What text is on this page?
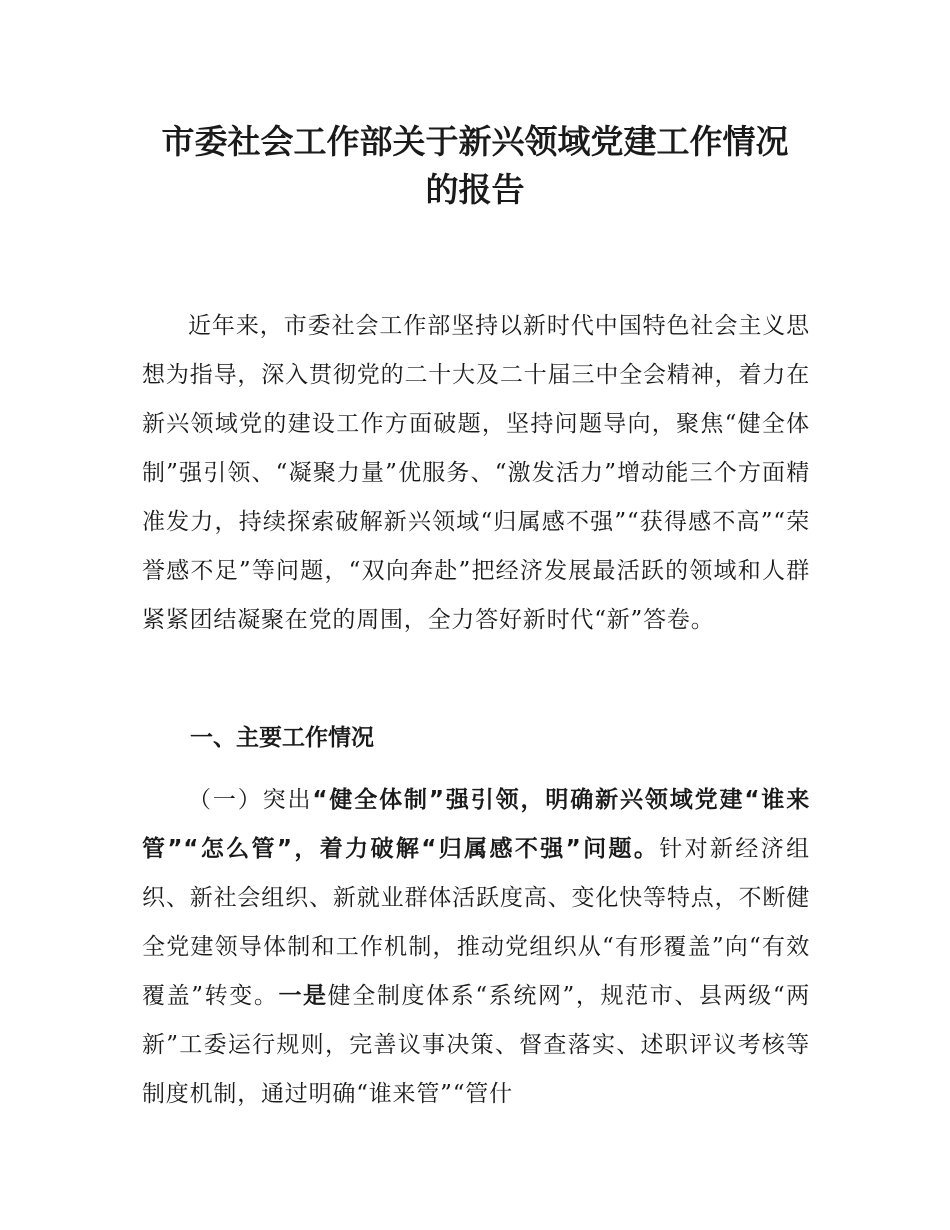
市委社会工作部关于新兴领域党建工作情况
的报告

近年来，市委社会工作部坚持以新时代中国特色社会主义思想为指导，深入贯彻党的二十大及二十届三中全会精神，着力在新兴领域党的建设工作方面破题，坚持问题导向，聚焦“健全体制”强引领、“凝聚力量”优服务、“激发活力”增动能三个方面精准发力，持续探索破解新兴领域“归属感不强”“获得感不高”“荣誉感不足”等问题，“双向奔赴”把经济发展最活跃的领域和人群紧紧团结凝聚在党的周围，全力答好新时代“新”答卷。

一、主要工作情况

（一）突出“健全体制”强引领，明确新兴领域党建“谁来管”“怎么管”，着力破解“归属感不强”问题。针对新经济组织、新社会组织、新就业群体活跃度高、变化快等特点，不断健全党建领导体制和工作机制，推动党组织从“有形覆盖”向“有效覆盖”转变。一是健全制度体系“系统网”，规范市、县两级“两新”工委运行规则，完善议事决策、督查落实、述职评议考核等制度机制，通过明确“谁来管”“管什
